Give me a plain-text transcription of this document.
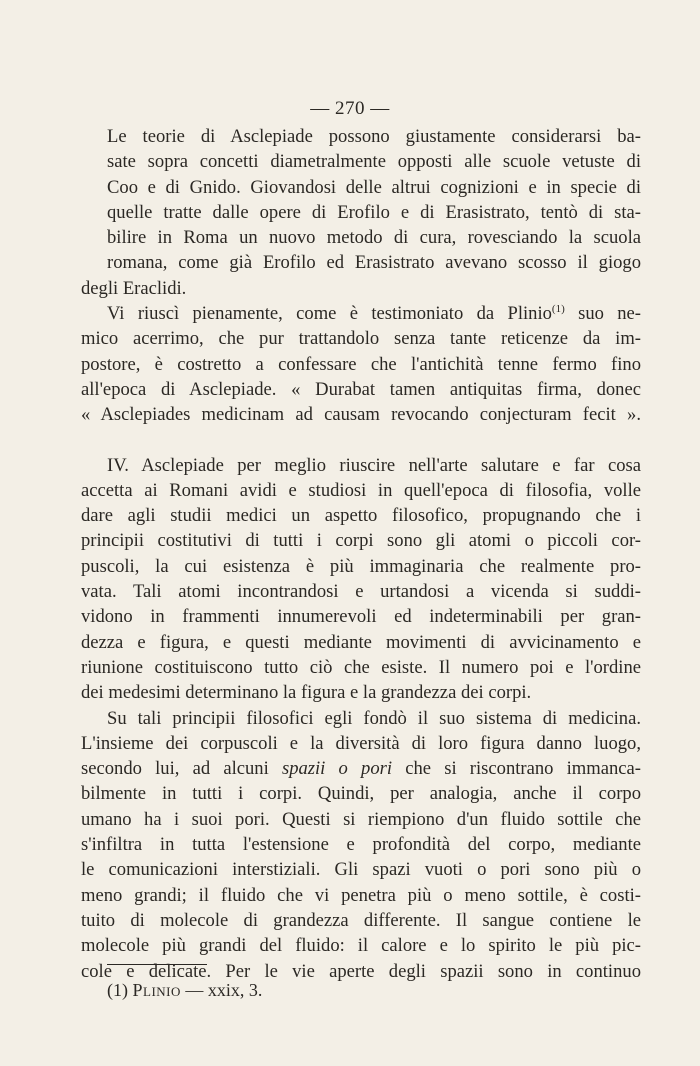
— 270 —

Le teorie di Asclepiade possono giustamente considerarsi ba-
sate sopra concetti diametralmente opposti alle scuole vetuste di
Coo e di Gnido. Giovandosi delle altrui cognizioni e in specie di
quelle tratte dalle opere di Erofilo e di Erasistrato, tentò di sta-
bilire in Roma un nuovo metodo di cura, rovesciando la scuola
romana, come già Erofilo ed Erasistrato avevano scosso il giogo
degli Eraclidi.

Vi riuscì pienamente, come è testimoniato da Plinio$^{(1)}$ suo ne-
mico acerrimo, che pur trattandolo senza tante reticenze da im-
postore, è costretto a confessare che l'antichità tenne fermo fino
all'epoca di Asclepiade. « Durabat tamen antiquitas firma, donec
« Asclepiades medicinam ad causam revocando conjecturam fecit ».

IV. Asclepiade per meglio riuscire nell'arte salutare e far cosa
accetta ai Romani avidi e studiosi in quell'epoca di filosofia, volle
dare agli studii medici un aspetto filosofico, propugnando che i
principii costitutivi di tutti i corpi sono gli atomi o piccoli cor-
puscoli, la cui esistenza è più immaginaria che realmente pro-
vata. Tali atomi incontrandosi e urtandosi a vicenda si suddi-
vidono in frammenti innumerevoli ed indeterminabili per gran-
dezza e figura, e questi mediante movimenti di avvicinamento e
riunione costituiscono tutto ciò che esiste. Il numero poi e l'ordine
dei medesimi determinano la figura e la grandezza dei corpi.

Su tali principii filosofici egli fondò il suo sistema di medicina.
L'insieme dei corpuscoli e la diversità di loro figura danno luogo,
secondo lui, ad alcuni spazii o pori che si riscontrano immanca-
bilmente in tutti i corpi. Quindi, per analogia, anche il corpo
umano ha i suoi pori. Questi si riempiono d'un fluido sottile che
s'infiltra in tutta l'estensione e profondità del corpo, mediante
le comunicazioni interstiziali. Gli spazi vuoti o pori sono più o
meno grandi; il fluido che vi penetra più o meno sottile, è costi-
tuito di molecole di grandezza differente. Il sangue contiene le
molecole più grandi del fluido: il calore e lo spirito le più pic-
cole e delicate. Per le vie aperte degli spazii sono in continuo

(1) Plinio — xxix, 3.
